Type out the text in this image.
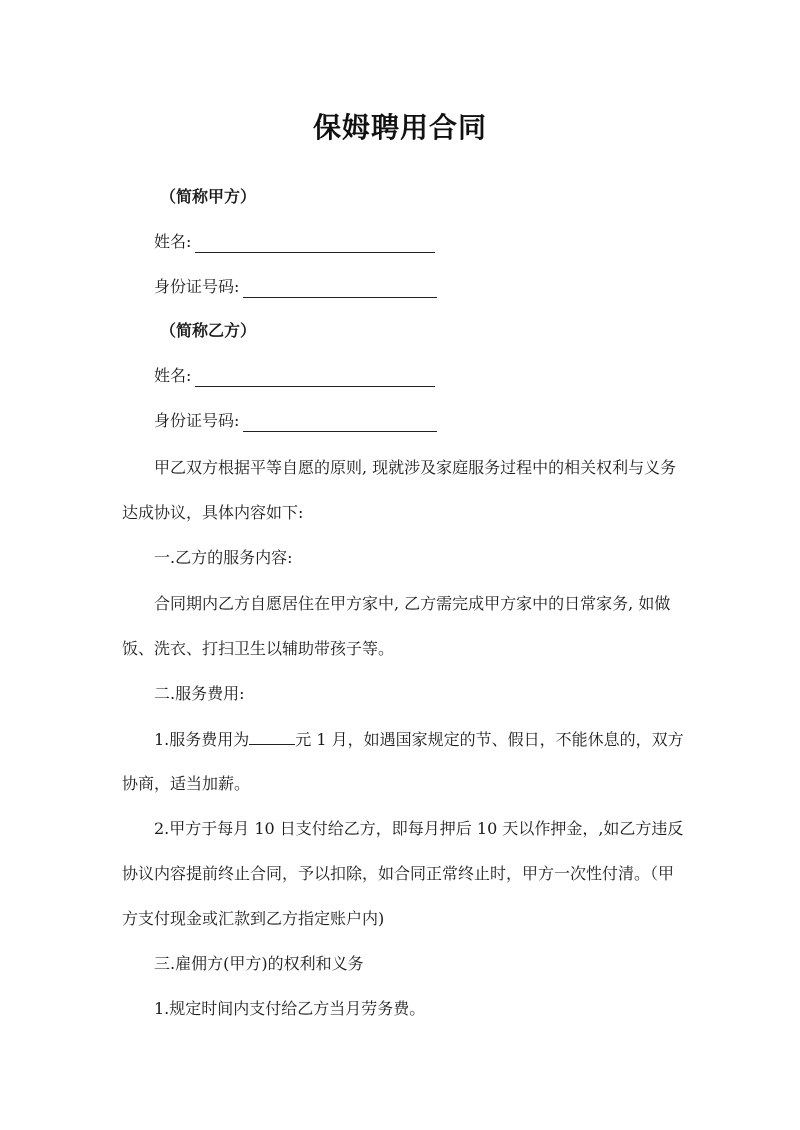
保姆聘用合同
（简称甲方）
姓名:
身份证号码:
（简称乙方）
姓名:
身份证号码:
甲乙双方根据平等自愿的原则, 现就涉及家庭服务过程中的相关权利与义务
达成协议，具体内容如下:
一.乙方的服务内容:
合同期内乙方自愿居住在甲方家中, 乙方需完成甲方家中的日常家务, 如做
饭、洗衣、打扫卫生以辅助带孩子等。
二.服务费用:
1.服务费用为	元 1 月，如遇国家规定的节、假日，不能休息的，双方
协商，适当加薪。
2.甲方于每月 10 日支付给乙方，即每月押后 10 天以作押金，,如乙方违反
协议内容提前终止合同，予以扣除，如合同正常终止时，甲方一次性付清。（甲
方支付现金或汇款到乙方指定账户内)
三.雇佣方(甲方)的权利和义务
1.规定时间内支付给乙方当月劳务费。
